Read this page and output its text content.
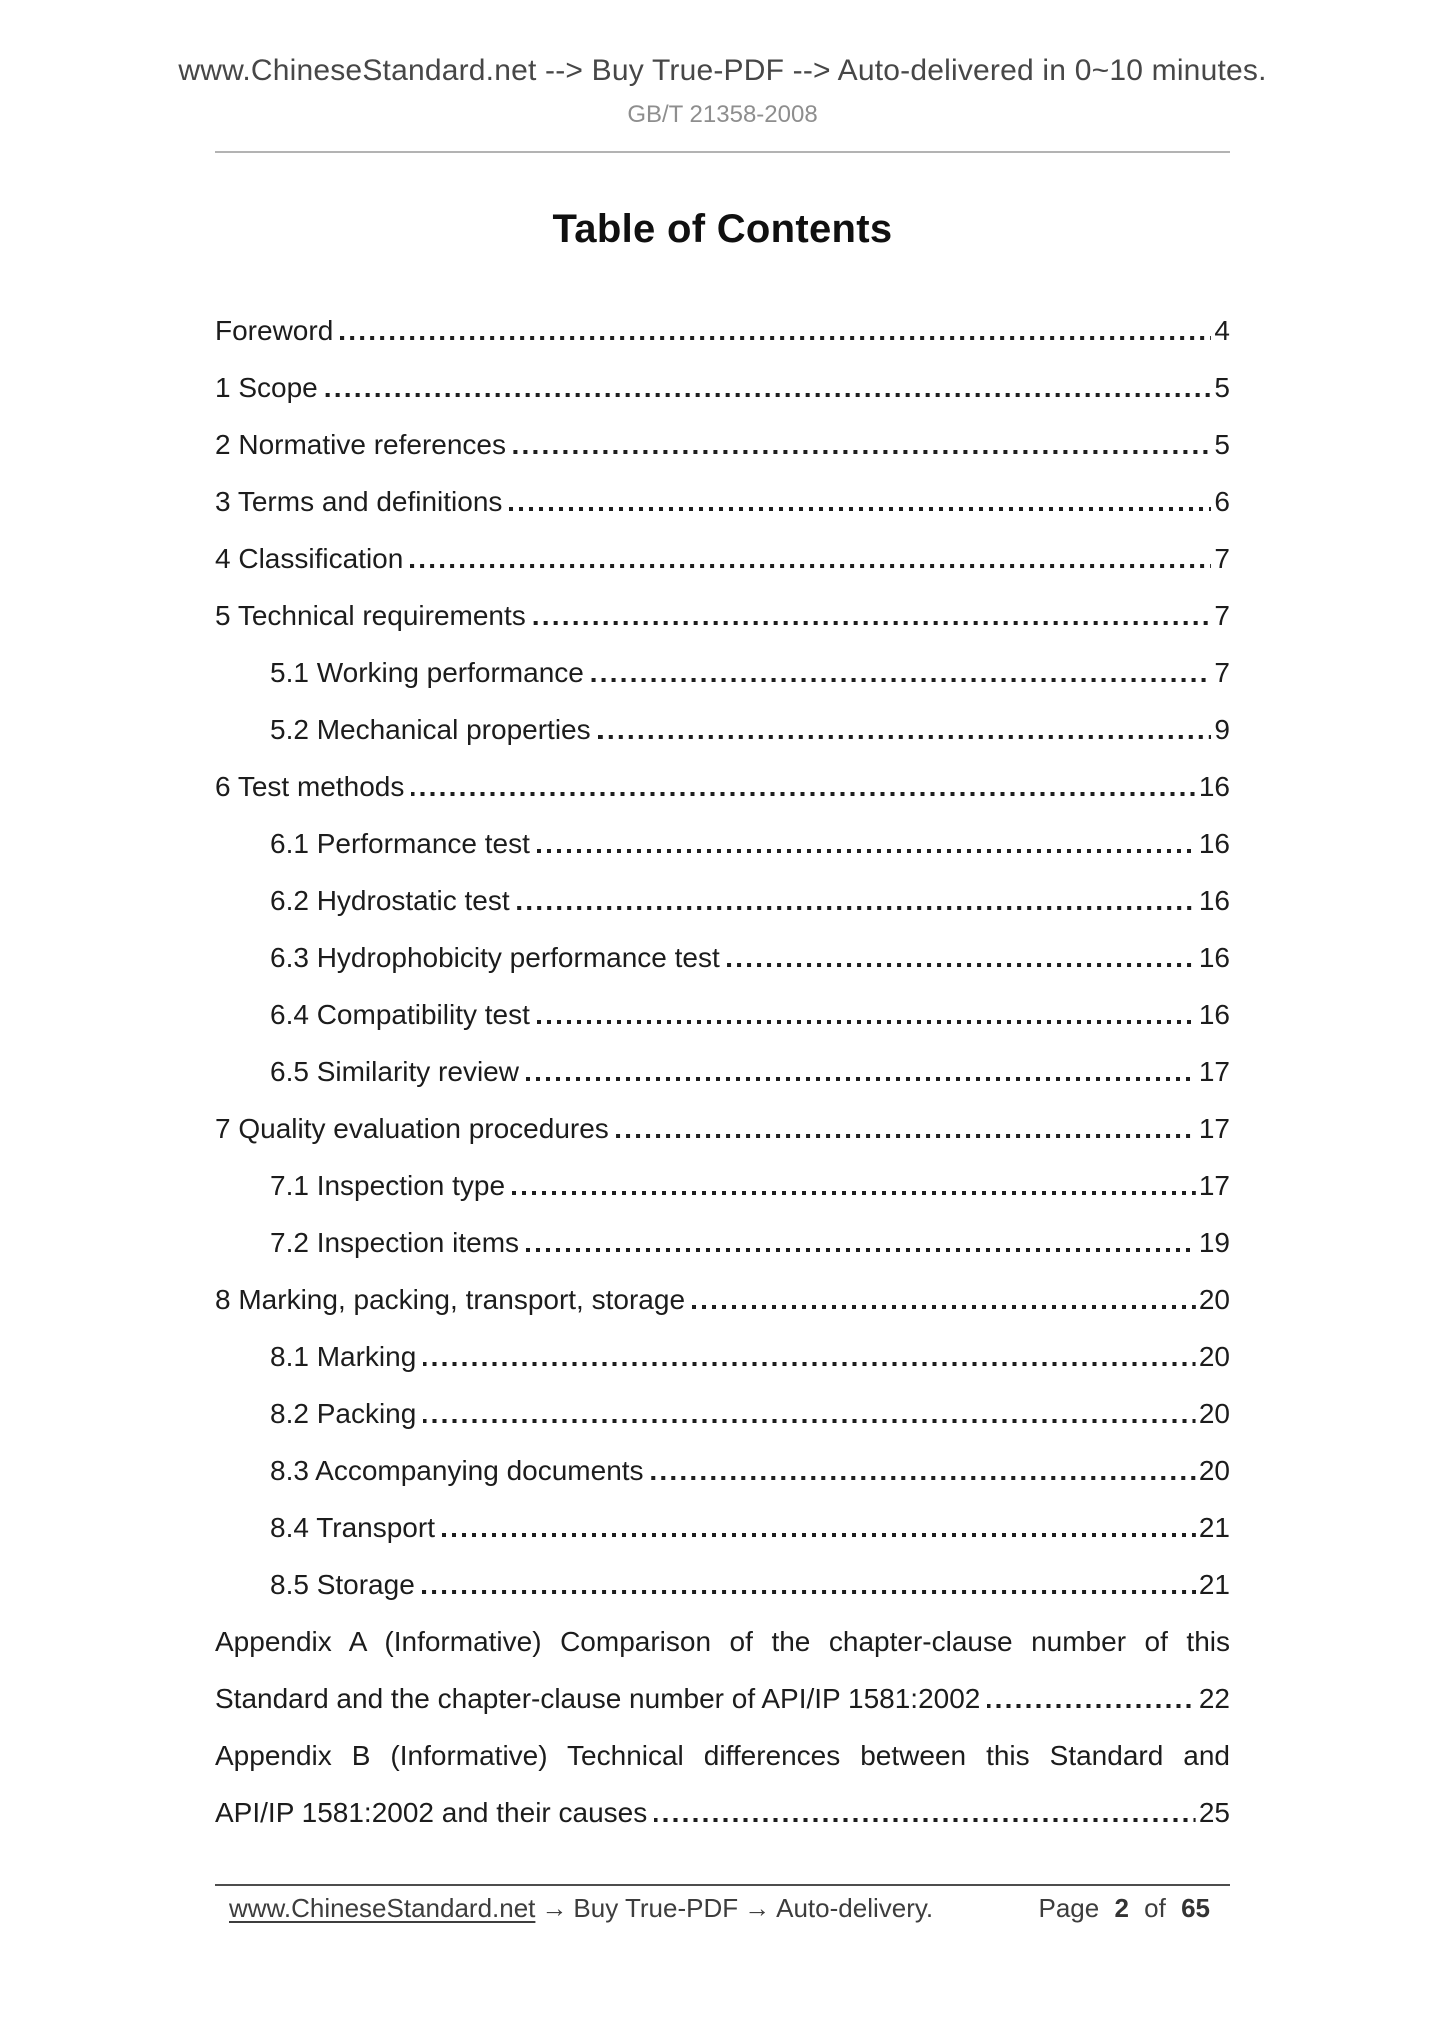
www.ChineseStandard.net --> Buy True-PDF --> Auto-delivered in 0~10 minutes.
GB/T 21358-2008
Table of Contents
Foreword	4
1 Scope	5
2 Normative references	5
3 Terms and definitions	6
4 Classification	7
5 Technical requirements	7
5.1 Working performance	7
5.2 Mechanical properties	9
6 Test methods	16
6.1 Performance test	16
6.2 Hydrostatic test	16
6.3 Hydrophobicity performance test	16
6.4 Compatibility test	16
6.5 Similarity review	17
7 Quality evaluation procedures	17
7.1 Inspection type	17
7.2 Inspection items	19
8 Marking, packing, transport, storage	20
8.1 Marking	20
8.2 Packing	20
8.3 Accompanying documents	20
8.4 Transport	21
8.5 Storage	21
Appendix A (Informative) Comparison of the chapter-clause number of this
Standard and the chapter-clause number of API/IP 1581:2002	22
Appendix B (Informative) Technical differences between this Standard and
API/IP 1581:2002 and their causes	25
www.ChineseStandard.net → Buy True-PDF → Auto-delivery.	Page 2 of 65
